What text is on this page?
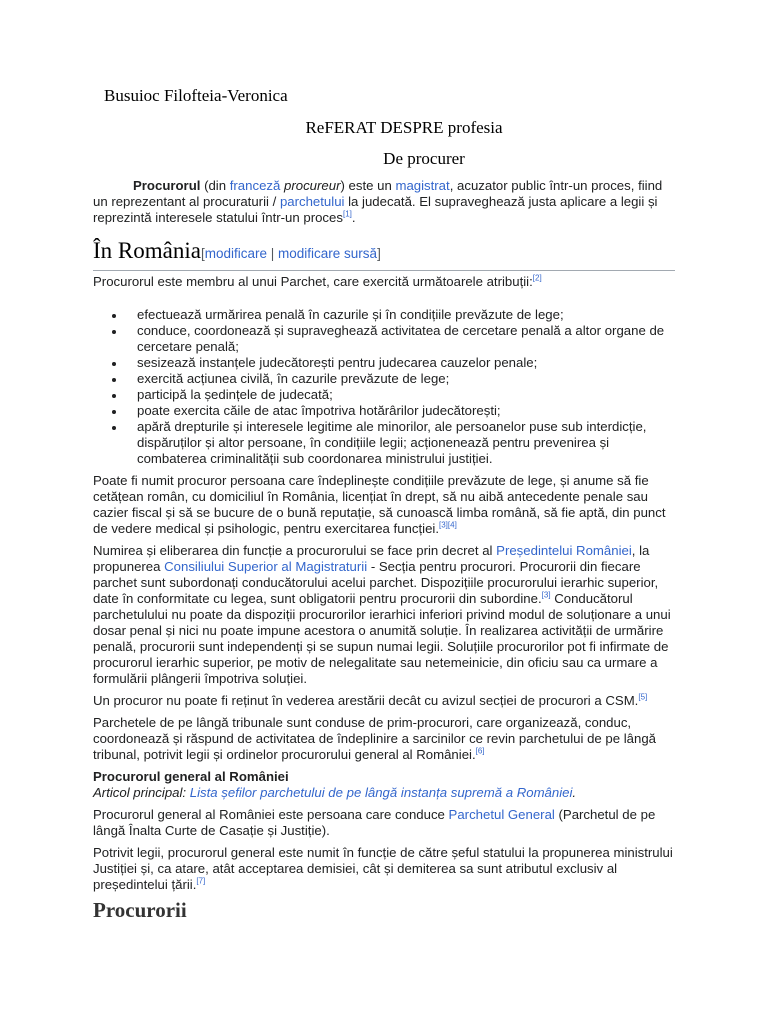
Busuioc Filofteia-Veronica
ReFERAT DESPRE profesia
De procurer

Procurorul (din franceză procureur) este un magistrat, acuzator public într-un proces, fiind un reprezentant al procuraturii / parchetului la judecată. El supraveghează justa aplicare a legii și reprezintă interesele statului într-un proces[1].

În România[modificare | modificare sursă]

Procurorul este membru al unui Parchet, care exercită următoarele atribuții:[2]

efectuează urmărirea penală în cazurile și în condițiile prevăzute de lege;
conduce, coordonează și supraveghează activitatea de cercetare penală a altor organe de cercetare penală;
sesizează instanțele judecătorești pentru judecarea cauzelor penale;
exercită acțiunea civilă, în cazurile prevăzute de lege;
participă la ședințele de judecată;
poate exercita căile de atac împotriva hotărârilor judecătorești;
apără drepturile și interesele legitime ale minorilor, ale persoanelor puse sub interdicție, dispăruților și altor persoane, în condițiile legii; acționenează pentru prevenirea și combaterea criminalității sub coordonarea ministrului justiției.

Poate fi numit procuror persoana care îndeplinește condițiile prevăzute de lege, și anume să fie cetățean român, cu domiciliul în România, licențiat în drept, să nu aibă antecedente penale sau cazier fiscal și să se bucure de o bună reputație, să cunoască limba română, să fie aptă, din punct de vedere medical și psihologic, pentru exercitarea funcției.[3][4]

Numirea și eliberarea din funcție a procurorului se face prin decret al Președintelui României, la propunerea Consiliului Superior al Magistraturii - Secția pentru procurori. Procurorii din fiecare parchet sunt subordonați conducătorului acelui parchet. Dispozițiile procurorului ierarhic superior, date în conformitate cu legea, sunt obligatorii pentru procurorii din subordine.[3] Conducătorul parchetulului nu poate da dispoziții procurorilor ierarhici inferiori privind modul de soluționare a unui dosar penal și nici nu poate impune acestora o anumită soluție. În realizarea activității de urmărire penală, procurorii sunt independenți și se supun numai legii. Soluțiile procurorilor pot fi infirmate de procurorul ierarhic superior, pe motiv de nelegalitate sau netemeinicie, din oficiu sau ca urmare a formulării plângerii împotriva soluției.

Un procuror nu poate fi reținut în vederea arestării decât cu avizul secției de procurori a CSM.[5]

Parchetele de pe lângă tribunale sunt conduse de prim-procurori, care organizează, conduc, coordonează și răspund de activitatea de îndeplinire a sarcinilor ce revin parchetului de pe lângă tribunal, potrivit legii și ordinelor procurorului general al României.[6]

Procurorul general al României

Articol principal: Lista șefilor parchetului de pe lângă instanța supremă a României.

Procurorul general al României este persoana care conduce Parchetul General (Parchetul de pe lângă Înalta Curte de Casație și Justiție).

Potrivit legii, procurorul general este numit în funcție de către șeful statului la propunerea ministrului Justiției și, ca atare, atât acceptarea demisiei, cât și demiterea sa sunt atributul exclusiv al președintelui țării.[7]

Procurorii
